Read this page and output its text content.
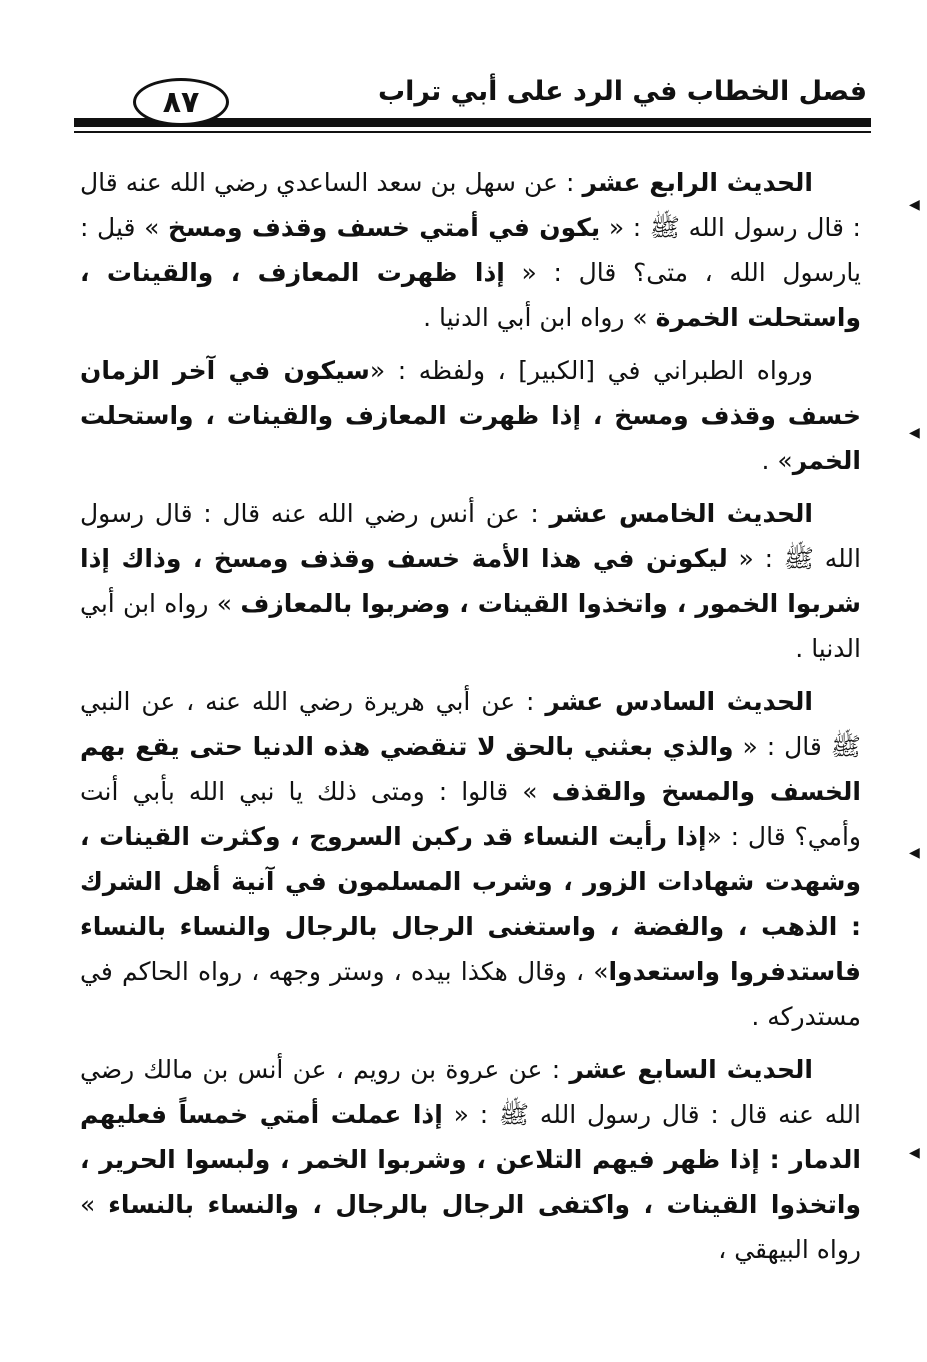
فصل الخطاب في الرد على أبي تراب
٨٧
◀
◀
◀
◀

الحديث الرابع عشر : عن سهل بن سعد الساعدي رضي الله عنه قال : قال رسول الله ﷺ : « يكون في أمتي خسف وقذف ومسخ » قيل : يارسول الله ، متى؟ قال : « إذا ظهرت المعازف ، والقينات ، واستحلت الخمرة » رواه ابن أبي الدنيا .

ورواه الطبراني في [الكبير] ، ولفظه : «سيكون في آخر الزمان خسف وقذف ومسخ ، إذا ظهرت المعازف والقينات ، واستحلت الخمر» .

الحديث الخامس عشر : عن أنس رضي الله عنه قال : قال رسول الله ﷺ : « ليكونن في هذا الأمة خسف وقذف ومسخ ، وذاك إذا شربوا الخمور ، واتخذوا القينات ، وضربوا بالمعازف » رواه ابن أبي الدنيا .

الحديث السادس عشر : عن أبي هريرة رضي الله عنه ، عن النبي ﷺ قال : « والذي بعثني بالحق لا تنقضي هذه الدنيا حتى يقع بهم الخسف والمسخ والقذف » قالوا : ومتى ذلك يا نبي الله بأبي أنت وأمي؟ قال : «إذا رأيت النساء قد ركبن السروج ، وكثرت القينات ، وشهدت شهادات الزور ، وشرب المسلمون في آنية أهل الشرك : الذهب ، والفضة ، واستغنى الرجال بالرجال والنساء بالنساء فاستدفروا واستعدوا» ، وقال هكذا بيده ، وستر وجهه ، رواه الحاكم في مستدركه .

الحديث السابع عشر : عن عروة بن رويم ، عن أنس بن مالك رضي الله عنه قال : قال رسول الله ﷺ : « إذا عملت أمتي خمساً فعليهم الدمار : إذا ظهر فيهم التلاعن ، وشربوا الخمر ، ولبسوا الحرير ، واتخذوا القينات ، واكتفى الرجال بالرجال ، والنساء بالنساء » رواه البيهقي ،
